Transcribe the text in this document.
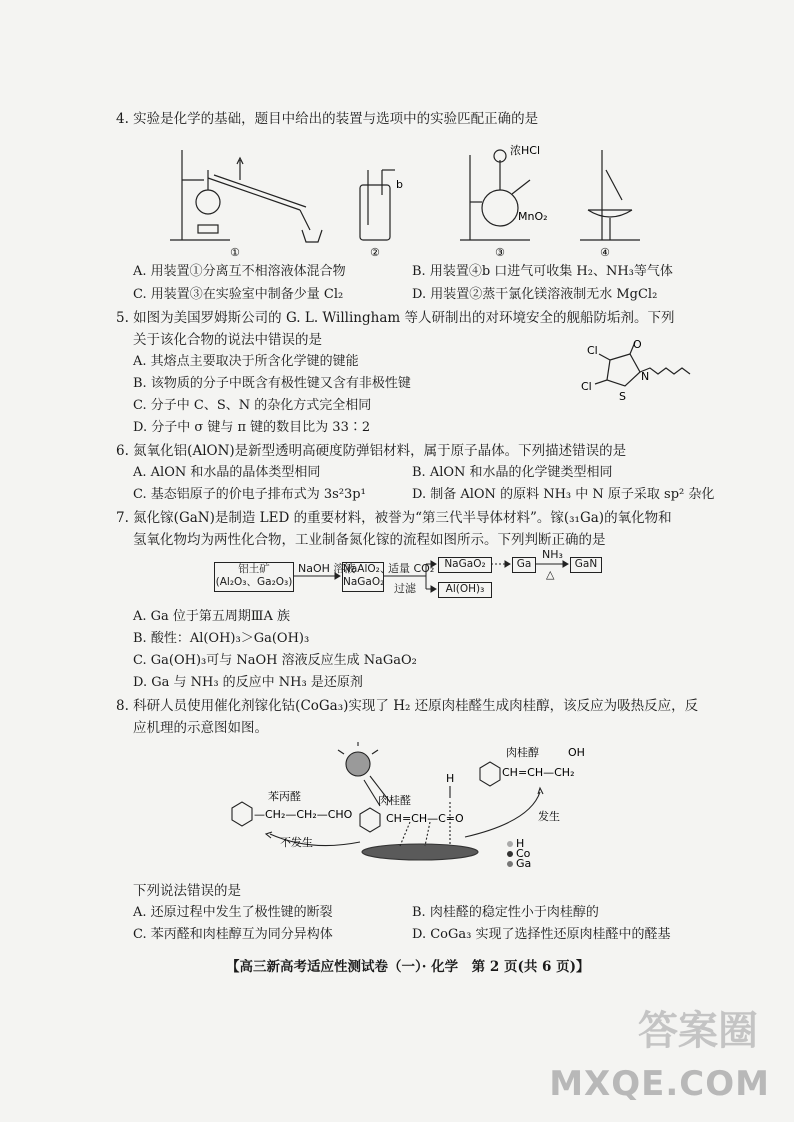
4. 实验是化学的基础，题目中给出的装置与选项中的实验匹配正确的是
①	②	③	④
b
浓HCl
MnO₂
A. 用装置①分离互不相溶液体混合物	B. 用装置④b 口进气可收集 H₂、NH₃等气体
C. 用装置③在实验室中制备少量 Cl₂	D. 用装置②蒸干氯化镁溶液制无水 MgCl₂
5. 如图为美国罗姆斯公司的 G. L. Willingham 等人研制出的对环境安全的舰船防垢剂。下列
关于该化合物的说法中错误的是
A. 其熔点主要取决于所含化学键的键能
B. 该物质的分子中既含有极性键又含有非极性键
C. 分子中 C、S、N 的杂化方式完全相同
D. 分子中 σ 键与 π 键的数目比为 33∶2
Cl
Cl
O
S
N
6. 氮氧化铝(AlON)是新型透明高硬度防弹铝材料，属于原子晶体。下列描述错误的是
A. AlON 和水晶的晶体类型相同	B. AlON 和水晶的化学键类型相同
C. 基态铝原子的价电子排布式为 3s²3p¹	D. 制备 AlON 的原料 NH₃ 中 N 原子采取 sp² 杂化
7. 氮化镓(GaN)是制造 LED 的重要材料，被誉为“第三代半导体材料”。镓(₃₁Ga)的氧化物和
氢氧化物均为两性化合物，工业制备氮化镓的流程如图所示。下列判断正确的是
铝土矿
(Al₂O₃、Ga₂O₃)
NaAlO₂、
NaGaO₂
NaGaO₂
Al(OH)₃
Ga	GaN
NaOH 溶液	适量 CO₂
过滤
NH₃
△
A. Ga 位于第五周期ⅢA 族
B. 酸性：Al(OH)₃＞Ga(OH)₃
C. Ga(OH)₃可与 NaOH 溶液反应生成 NaGaO₂
D. Ga 与 NH₃ 的反应中 NH₃ 是还原剂
8. 科研人员使用催化剂镓化钴(CoGa₃)实现了 H₂ 还原肉桂醛生成肉桂醇，该反应为吸热反应，反
应机理的示意图如图。
苯丙醛
—CH₂—CH₂—CHO
肉桂醛
CH=CH—C=O
H
肉桂醇
CH=CH—CH₂
OH
不发生
发生
H
Co
Ga
下列说法错误的是
A. 还原过程中发生了极性键的断裂	B. 肉桂醛的稳定性小于肉桂醇的
C. 苯丙醛和肉桂醇互为同分异构体	D. CoGa₃ 实现了选择性还原肉桂醛中的醛基
【高三新高考适应性测试卷（一）· 化学　第 2 页(共 6 页)】
答案圈
MXQE.COM
